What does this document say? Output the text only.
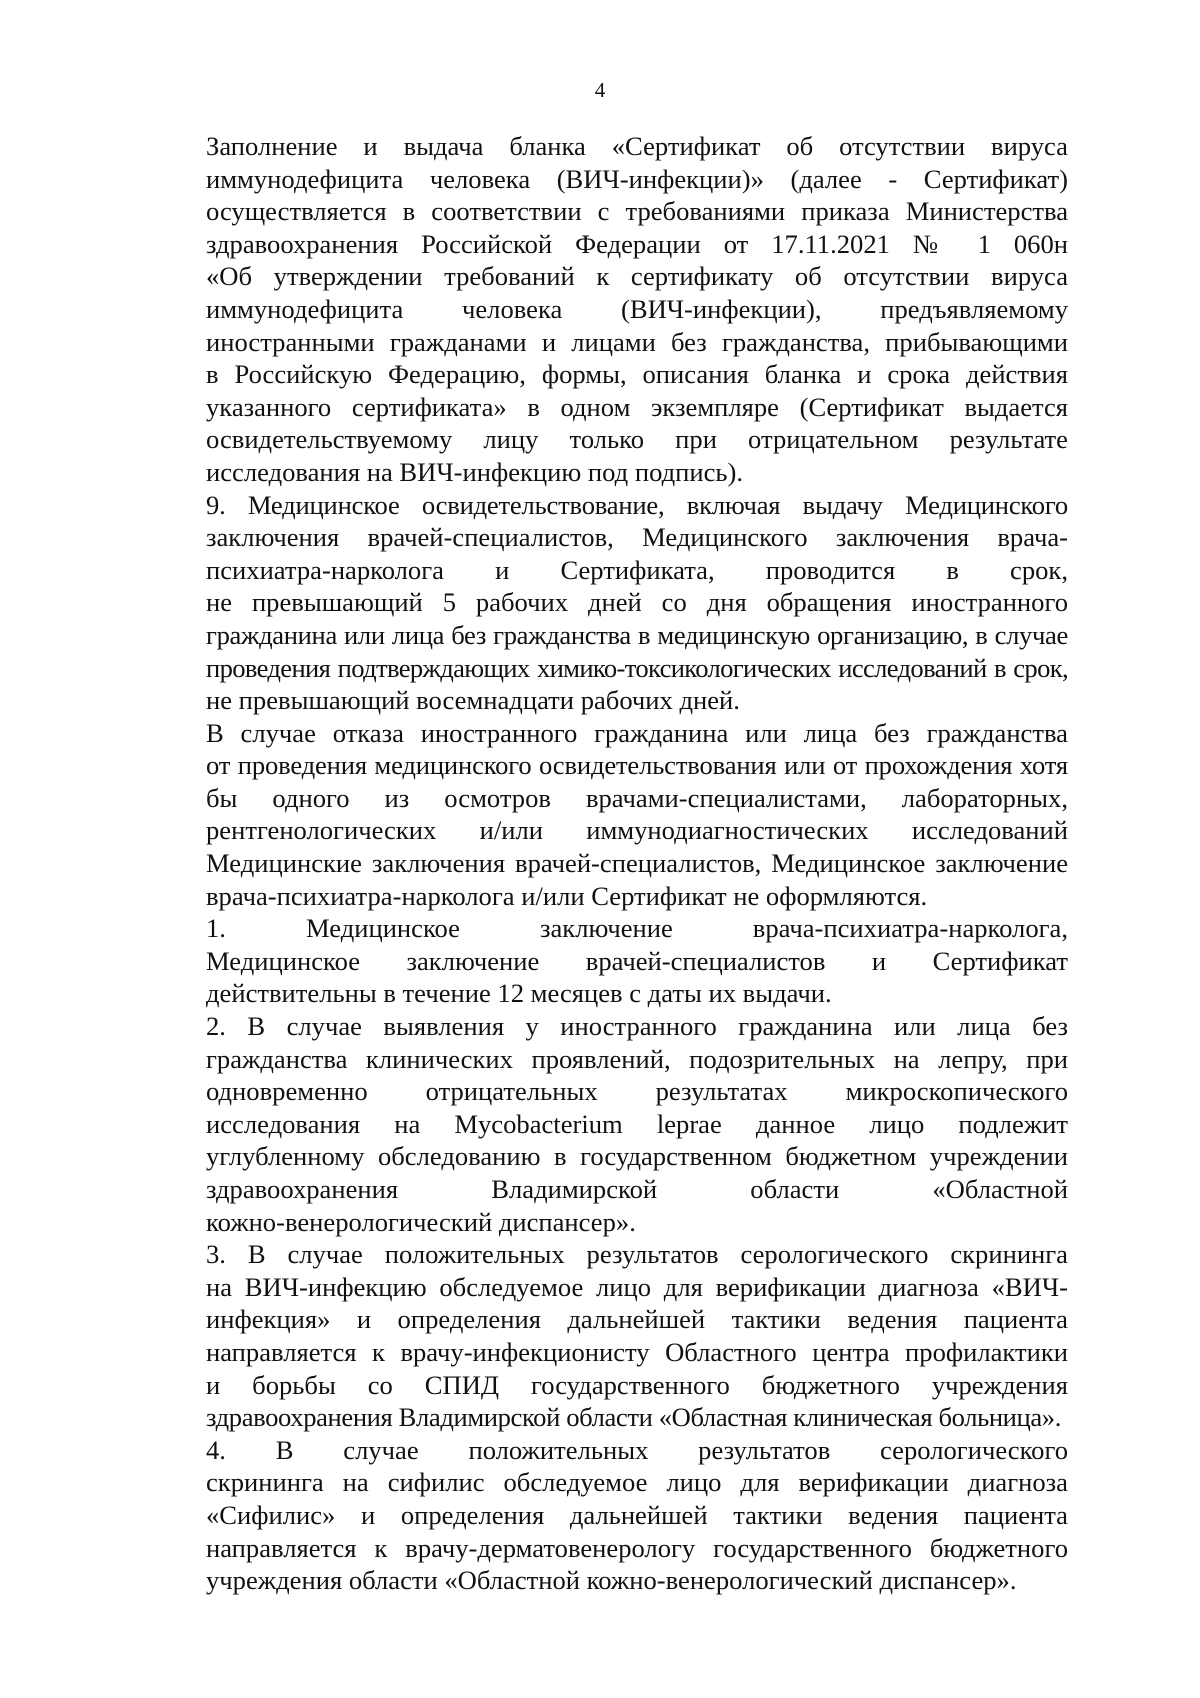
4
Заполнение и выдача бланка «Сертификат об отсутствии вируса
иммунодефицита человека (ВИЧ-инфекции)» (далее - Сертификат)
осуществляется в соответствии с требованиями приказа Министерства
здравоохранения Российской Федерации от 17.11.2021 № 1 060н
«Об утверждении требований к сертификату об отсутствии вируса
иммунодефицита человека (ВИЧ-инфекции), предъявляемому
иностранными гражданами и лицами без гражданства, прибывающими
в Российскую Федерацию, формы, описания бланка и срока действия
указанного сертификата» в одном экземпляре (Сертификат выдается
освидетельствуемому лицу только при отрицательном результате
исследования на ВИЧ-инфекцию под подпись).
9. Медицинское освидетельствование, включая выдачу Медицинского
заключения врачей-специалистов, Медицинского заключения врача-
психиатра-нарколога и Сертификата, проводится в срок,
не превышающий 5 рабочих дней со дня обращения иностранного
гражданина или лица без гражданства в медицинскую организацию, в случае
проведения подтверждающих химико-токсикологических исследований в срок,
не превышающий восемнадцати рабочих дней.
В случае отказа иностранного гражданина или лица без гражданства
от проведения медицинского освидетельствования или от прохождения хотя
бы одного из осмотров врачами-специалистами, лабораторных,
рентгенологических и/или иммунодиагностических исследований
Медицинские заключения врачей-специалистов, Медицинское заключение
врача-психиатра-нарколога и/или Сертификат не оформляются.
1. Медицинское заключение врача-психиатра-нарколога,
Медицинское заключение врачей-специалистов и Сертификат
действительны в течение 12 месяцев с даты их выдачи.
2. В случае выявления у иностранного гражданина или лица без
гражданства клинических проявлений, подозрительных на лепру, при
одновременно отрицательных результатах микроскопического
исследования на Mycobacterium leprae данное лицо подлежит
углубленному обследованию в государственном бюджетном учреждении
здравоохранения Владимирской области «Областной
кожно-венерологический диспансер».
3. В случае положительных результатов серологического скрининга
на ВИЧ-инфекцию обследуемое лицо для верификации диагноза «ВИЧ-
инфекция» и определения дальнейшей тактики ведения пациента
направляется к врачу-инфекционисту Областного центра профилактики
и борьбы со СПИД государственного бюджетного учреждения
здравоохранения Владимирской области «Областная клиническая больница».
4. В случае положительных результатов серологического
скрининга на сифилис обследуемое лицо для верификации диагноза
«Сифилис» и определения дальнейшей тактики ведения пациента
направляется к врачу-дерматовенерологу государственного бюджетного
учреждения области «Областной кожно-венерологический диспансер».
